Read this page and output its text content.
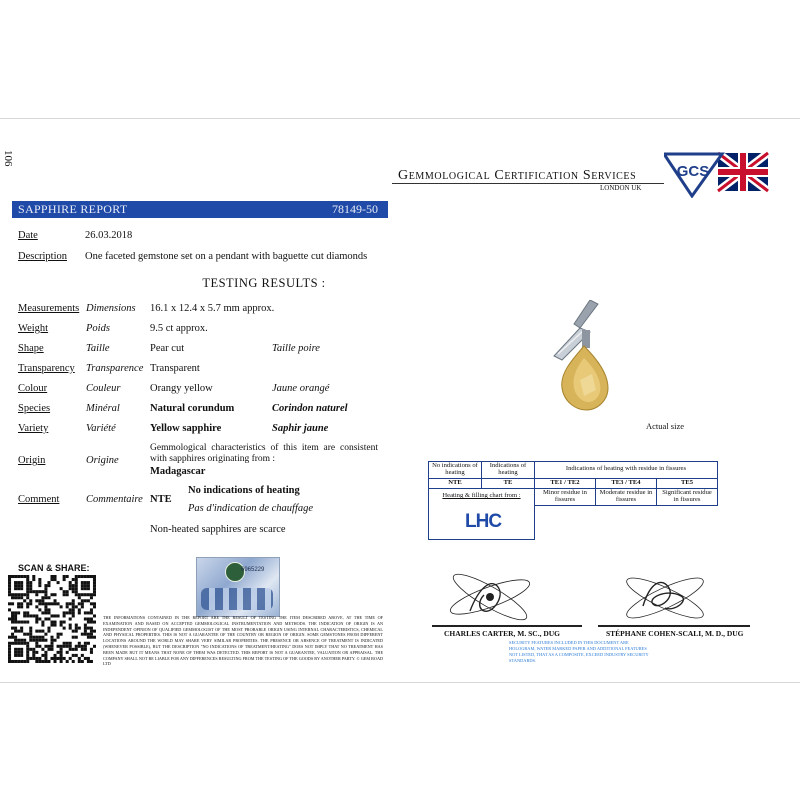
106
SAPPHIRE REPORT	78149-50
Date	26.03.2018
Description One faceted gemstone set on a pendant with baguette cut diamonds
TESTING RESULTS :
Measurements Dimensions 16.1 x 12.4 x 5.7 mm approx.
Weight	Poids	9.5 ct approx.
Shape	Taille	Pear cut	Taille poire
Transparency Transparence Transparent
Colour	Couleur	Orangy yellow	Jaune orangé
Species	Minéral	Natural corundum	Corindon naturel
Variety	Variété	Yellow sapphire	Saphir jaune
Origin	Origine
Gemmological characteristics of this item are consistent with sapphires originating from :
Madagascar
Comment	Commentaire NTE
No indications of heating
Pas d'indication de chauffage
Non-heated sapphires are scarce
Gemmological Certification Services
LONDON UK
GCS
Actual size
No indications of heating	Indications of heating	Indications of heating with residue in fissures		
NTE	TE	TE1 / TE2	TE3 / TE4	TE5
Heating & filling chart from :		Minor residue in fissures	Moderate residue in fissures	Significant residue in fissures
LHC				
SCAN & SHARE:	6965229
THE INFORMATIONS CONTAINED IN THE REPORT ARE THE RESULT OF TESTING THE ITEM DESCRIBED ABOVE, AT THE TIME OF EXAMINATION AND BASED ON ACCEPTED GEMMOLOGICAL INSTRUMENTATION AND METHODS. THE INDICATION OF ORIGIN IS AN INDEPENDENT OPINION OF QUALIFIED GEMMOLOGIST OF THE MOST PROBABLE ORIGIN USING INTERNAL CHARACTERISTICS, CHEMICAL AND PHYSICAL PROPERTIES. THIS IS NOT A GUARANTEE OF THE COUNTRY OR REGION OF ORIGIN. SOME GEMSTONES FROM DIFFERENT LOCATIONS AROUND THE WORLD MAY SHARE VERY SIMILAR PROPERTIES. THE PRESENCE OR ABSENCE OF TREATMENT IS INDICATED (WHENEVER POSSIBLE), BUT THE DESCRIPTION "NO INDICATIONS OF TREATMENT/HEATING" DOES NOT IMPLY THAT NO TREATMENT HAS BEEN MADE BUT IT MEANS THAT NONE OF THEM WAS DETECTED. THIS REPORT IS NOT A GUARANTEE, VALUATION OR APPRAISAL. THE COMPANY SHALL NOT BE LIABLE FOR ANY DIFFERENCES RESULTING FROM THE TESTING OF THE GOODS BY ANOTHER PARTY. © GEM ROAD LTD
CHARLES CARTER, M. SC., DUG	STÉPHANE COHEN-SCALI, M. D., DUG
SECURITY FEATURES INCLUDED IN THIS DOCUMENT ARE HOLOGRAM, WATER MARKED PAPER AND ADDITIONAL FEATURES NOT LISTED, THAT AS A COMPOSITE, EXCEED INDUSTRY SECURITY STANDARDS.
